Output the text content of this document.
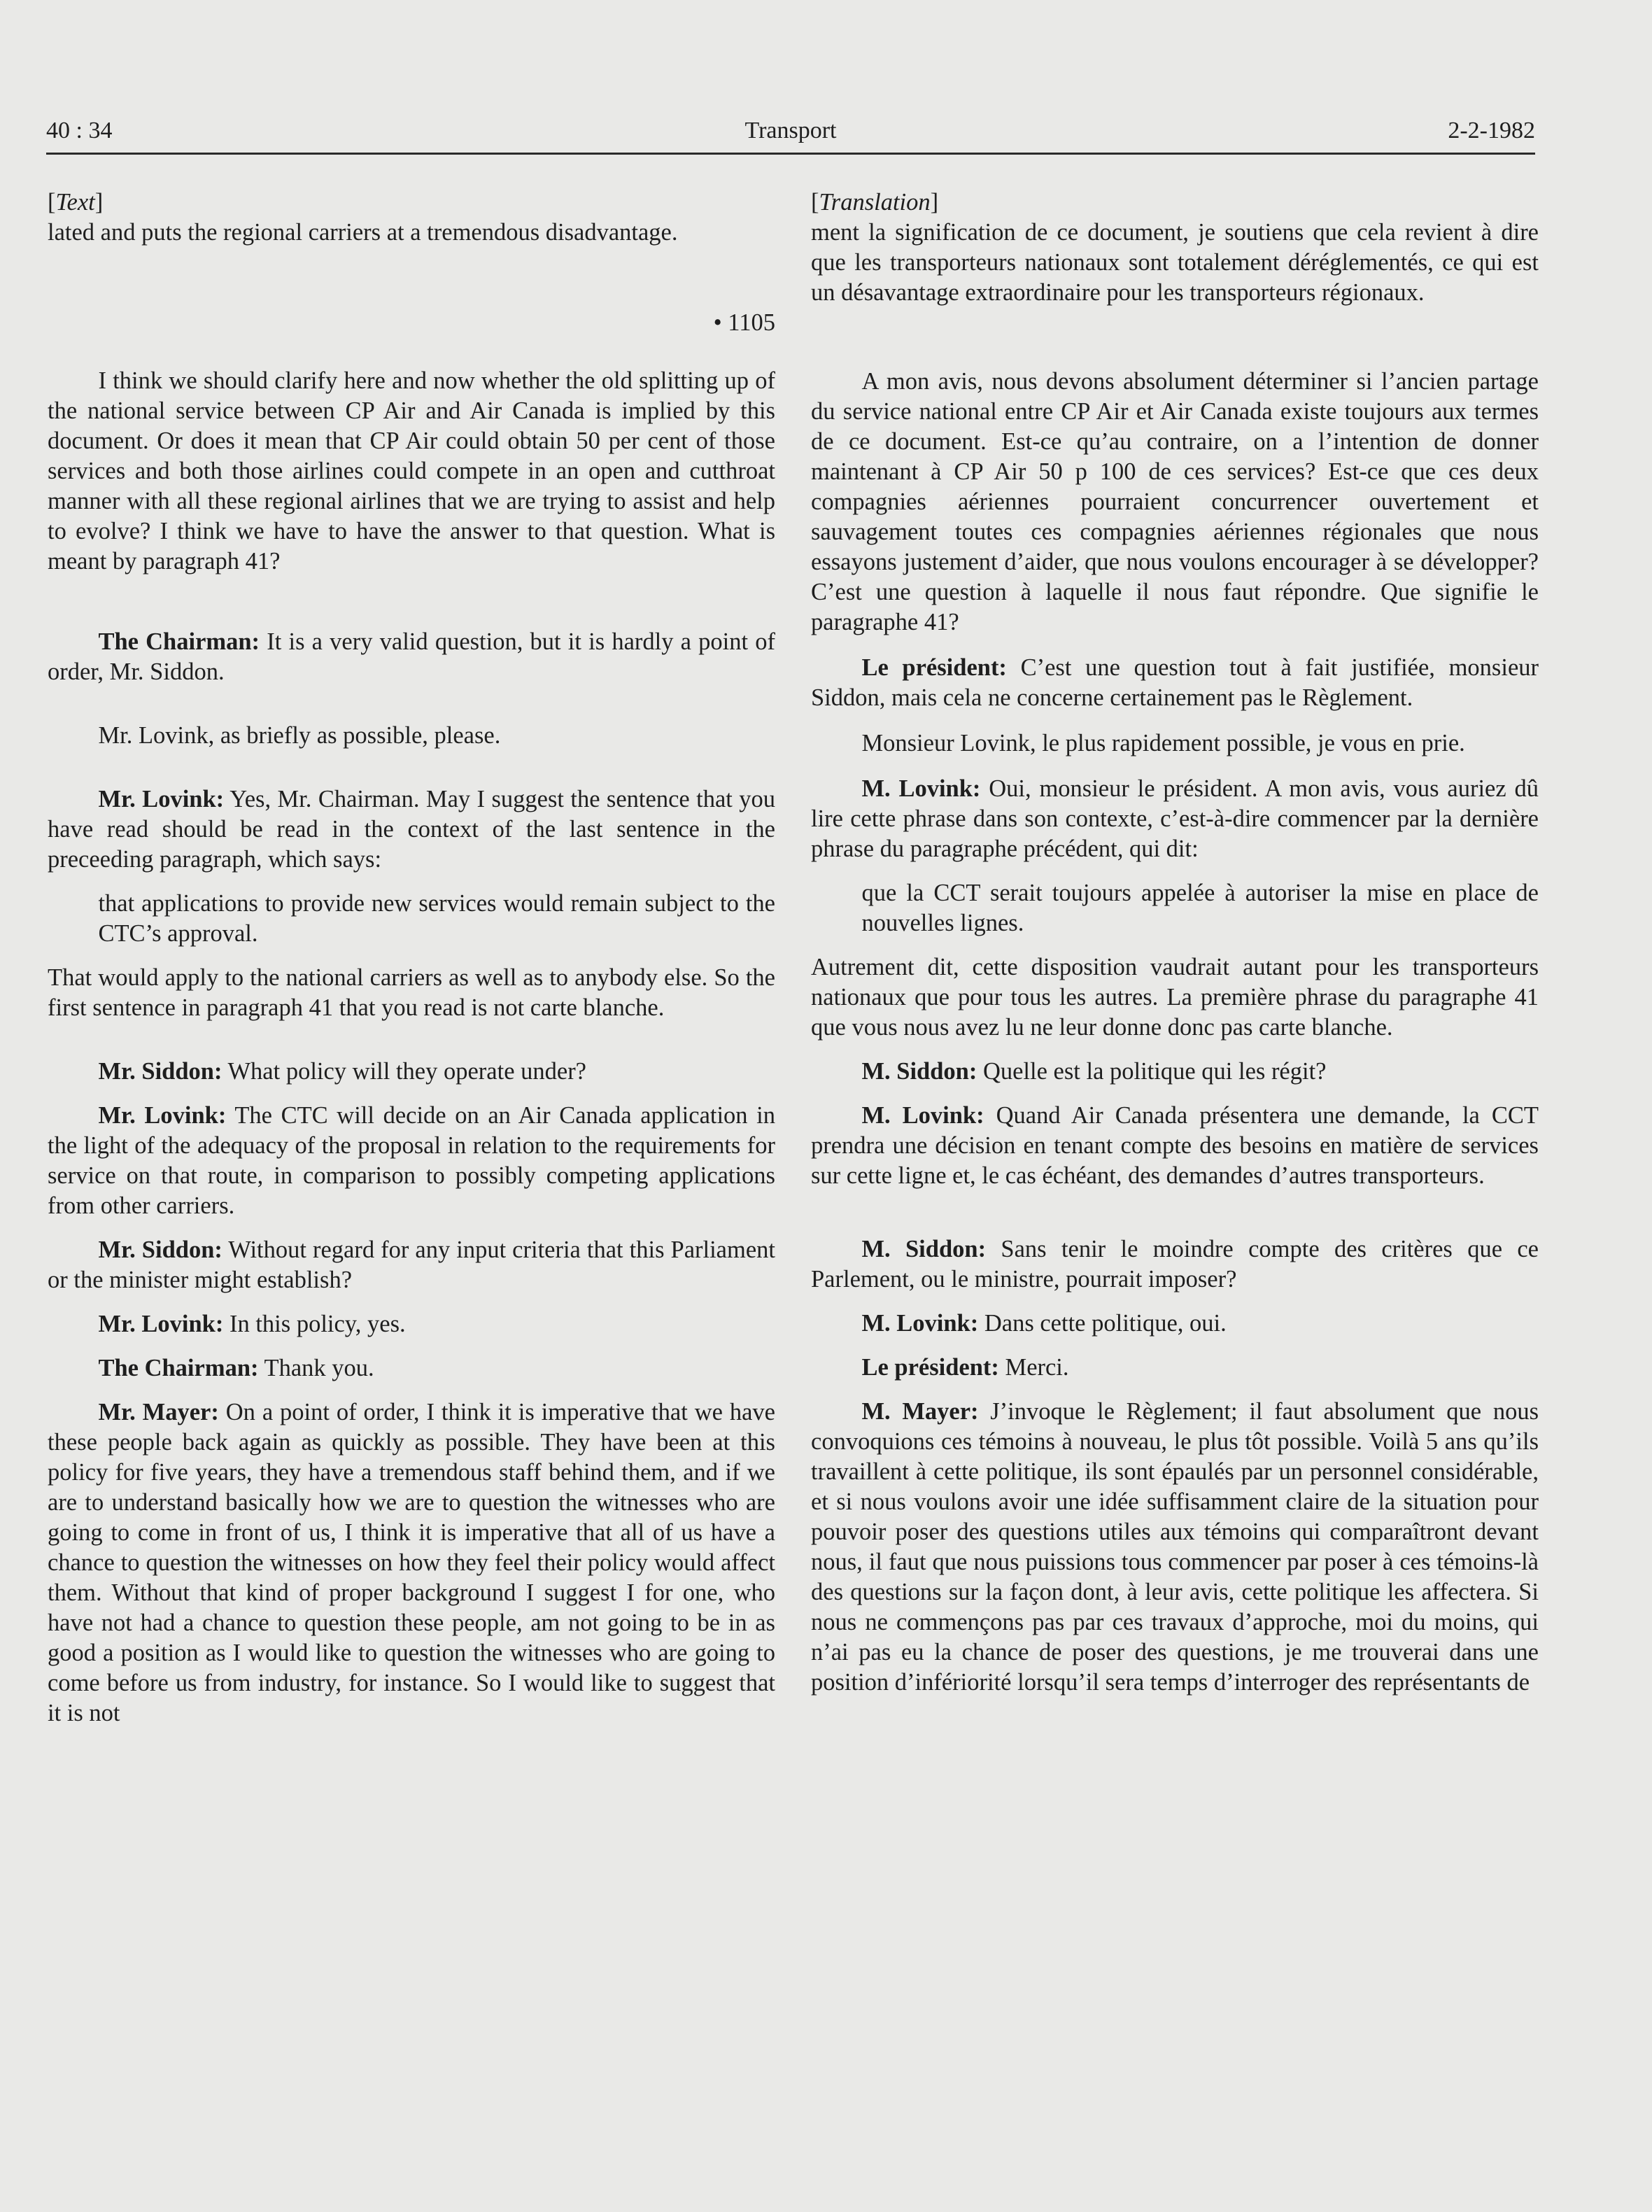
40 : 34	Transport	2-2-1982

[ Text ]

lated and puts the regional carriers at a tremendous disadvantage.

• 1105

I think we should clarify here and now whether the old splitting up of the national service between CP Air and Air Canada is implied by this document. Or does it mean that CP Air could obtain 50 per cent of those services and both those airlines could compete in an open and cutthroat manner with all these regional airlines that we are trying to assist and help to evolve? I think we have to have the answer to that question. What is meant by paragraph 41?

The Chairman: It is a very valid question, but it is hardly a point of order, Mr. Siddon.

Mr. Lovink, as briefly as possible, please.

Mr. Lovink: Yes, Mr. Chairman. May I suggest the sentence that you have read should be read in the context of the last sentence in the preceeding paragraph, which says:

that applications to provide new services would remain subject to the CTC’s approval.

That would apply to the national carriers as well as to anybody else. So the first sentence in paragraph 41 that you read is not carte blanche.

Mr. Siddon: What policy will they operate under?

Mr. Lovink: The CTC will decide on an Air Canada application in the light of the adequacy of the proposal in relation to the requirements for service on that route, in comparison to possibly competing applications from other carriers.

Mr. Siddon: Without regard for any input criteria that this Parliament or the minister might establish?

Mr. Lovink: In this policy, yes.

The Chairman: Thank you.

Mr. Mayer: On a point of order, I think it is imperative that we have these people back again as quickly as possible. They have been at this policy for five years, they have a tremendous staff behind them, and if we are to understand basically how we are to question the witnesses who are going to come in front of us, I think it is imperative that all of us have a chance to question the witnesses on how they feel their policy would affect them. Without that kind of proper background I suggest I for one, who have not had a chance to question these people, am not going to be in as good a position as I would like to question the witnesses who are going to come before us from industry, for instance. So I would like to suggest that it is not

[ Translation ]

ment la signification de ce document, je soutiens que cela revient à dire que les transporteurs nationaux sont totalement déréglementés, ce qui est un désavantage extraordinaire pour les transporteurs régionaux.

A mon avis, nous devons absolument déterminer si l’ancien partage du service national entre CP Air et Air Canada existe toujours aux termes de ce document. Est-ce qu’au contraire, on a l’intention de donner maintenant à CP Air 50 p 100 de ces services? Est-ce que ces deux compagnies aériennes pourraient concurrencer ouvertement et sauvagement toutes ces compagnies aériennes régionales que nous essayons justement d’aider, que nous voulons encourager à se développer? C’est une question à laquelle il nous faut répondre. Que signifie le paragraphe 41?

Le président: C’est une question tout à fait justifiée, monsieur Siddon, mais cela ne concerne certainement pas le Règlement.

Monsieur Lovink, le plus rapidement possible, je vous en prie.

M. Lovink: Oui, monsieur le président. A mon avis, vous auriez dû lire cette phrase dans son contexte, c’est-à-dire commencer par la dernière phrase du paragraphe précédent, qui dit:

que la CCT serait toujours appelée à autoriser la mise en place de nouvelles lignes.

Autrement dit, cette disposition vaudrait autant pour les transporteurs nationaux que pour tous les autres. La première phrase du paragraphe 41 que vous nous avez lu ne leur donne donc pas carte blanche.

M. Siddon: Quelle est la politique qui les régit?

M. Lovink: Quand Air Canada présentera une demande, la CCT prendra une décision en tenant compte des besoins en matière de services sur cette ligne et, le cas échéant, des demandes d’autres transporteurs.

M. Siddon: Sans tenir le moindre compte des critères que ce Parlement, ou le ministre, pourrait imposer?

M. Lovink: Dans cette politique, oui.

Le président: Merci.

M. Mayer: J’invoque le Règlement; il faut absolument que nous convoquions ces témoins à nouveau, le plus tôt possible. Voilà 5 ans qu’ils travaillent à cette politique, ils sont épaulés par un personnel considérable, et si nous voulons avoir une idée suffisamment claire de la situation pour pouvoir poser des questions utiles aux témoins qui comparaîtront devant nous, il faut que nous puissions tous commencer par poser à ces témoins-là des questions sur la façon dont, à leur avis, cette politique les affectera. Si nous ne commençons pas par ces travaux d’approche, moi du moins, qui n’ai pas eu la chance de poser des questions, je me trouverai dans une position d’infériorité lorsqu’il sera temps d’interroger des représentants de
